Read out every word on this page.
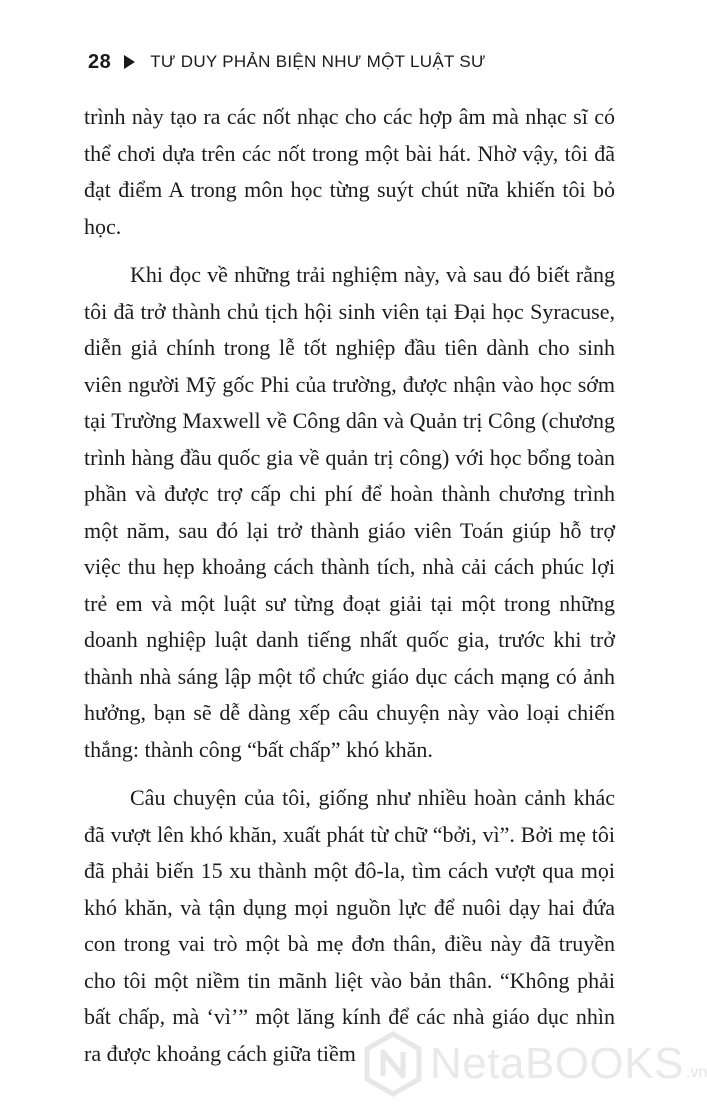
28 TƯ DUY PHẢN BIỆN NHƯ MỘT LUẬT SƯ

trình này tạo ra các nốt nhạc cho các hợp âm mà nhạc sĩ có thể chơi dựa trên các nốt trong một bài hát. Nhờ vậy, tôi đã đạt điểm A trong môn học từng suýt chút nữa khiến tôi bỏ học.

Khi đọc về những trải nghiệm này, và sau đó biết rằng tôi đã trở thành chủ tịch hội sinh viên tại Đại học Syracuse, diễn giả chính trong lễ tốt nghiệp đầu tiên dành cho sinh viên người Mỹ gốc Phi của trường, được nhận vào học sớm tại Trường Maxwell về Công dân và Quản trị Công (chương trình hàng đầu quốc gia về quản trị công) với học bổng toàn phần và được trợ cấp chi phí để hoàn thành chương trình một năm, sau đó lại trở thành giáo viên Toán giúp hỗ trợ việc thu hẹp khoảng cách thành tích, nhà cải cách phúc lợi trẻ em và một luật sư từng đoạt giải tại một trong những doanh nghiệp luật danh tiếng nhất quốc gia, trước khi trở thành nhà sáng lập một tổ chức giáo dục cách mạng có ảnh hưởng, bạn sẽ dễ dàng xếp câu chuyện này vào loại chiến thắng: thành công “bất chấp” khó khăn.

Câu chuyện của tôi, giống như nhiều hoàn cảnh khác đã vượt lên khó khăn, xuất phát từ chữ “bởi, vì”. Bởi mẹ tôi đã phải biến 15 xu thành một đô-la, tìm cách vượt qua mọi khó khăn, và tận dụng mọi nguồn lực để nuôi dạy hai đứa con trong vai trò một bà mẹ đơn thân, điều này đã truyền cho tôi một niềm tin mãnh liệt vào bản thân. “Không phải bất chấp, mà ‘vì’” một lăng kính để các nhà giáo dục nhìn ra được khoảng cách giữa tiềm	NetaBOOKS .vn
